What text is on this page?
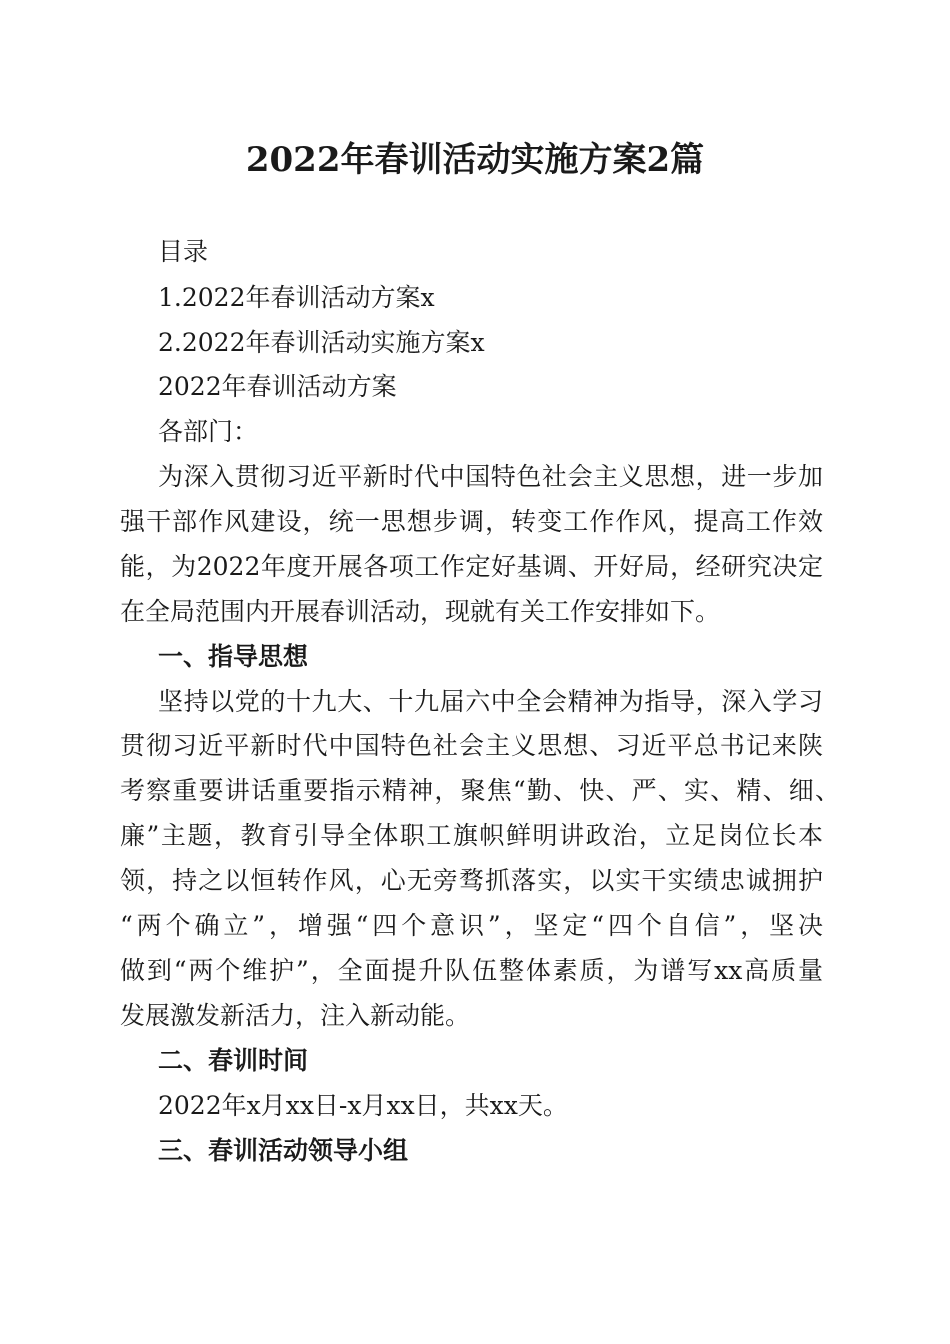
2022年春训活动实施方案2篇
目录
1.2022年春训活动方案x
2.2022年春训活动实施方案x
2022年春训活动方案
各部门：
为深入贯彻习近平新时代中国特色社会主义思想，进一步加
强干部作风建设，统一思想步调，转变工作作风，提高工作效
能，为2022年度开展各项工作定好基调、开好局，经研究决定
在全局范围内开展春训活动，现就有关工作安排如下。
一、指导思想
坚持以党的十九大、十九届六中全会精神为指导，深入学习
贯彻习近平新时代中国特色社会主义思想、习近平总书记来陕
考察重要讲话重要指示精神，聚焦“勤、快、严、实、精、细、
廉”主题，教育引导全体职工旗帜鲜明讲政治，立足岗位长本
领，持之以恒转作风，心无旁骛抓落实，以实干实绩忠诚拥护
“两个确立”，增强“四个意识”，坚定“四个自信”，坚决
做到“两个维护”，全面提升队伍整体素质，为谱写xx高质量
发展激发新活力，注入新动能。
二、春训时间
2022年x月xx日-x月xx日，共xx天。
三、春训活动领导小组
